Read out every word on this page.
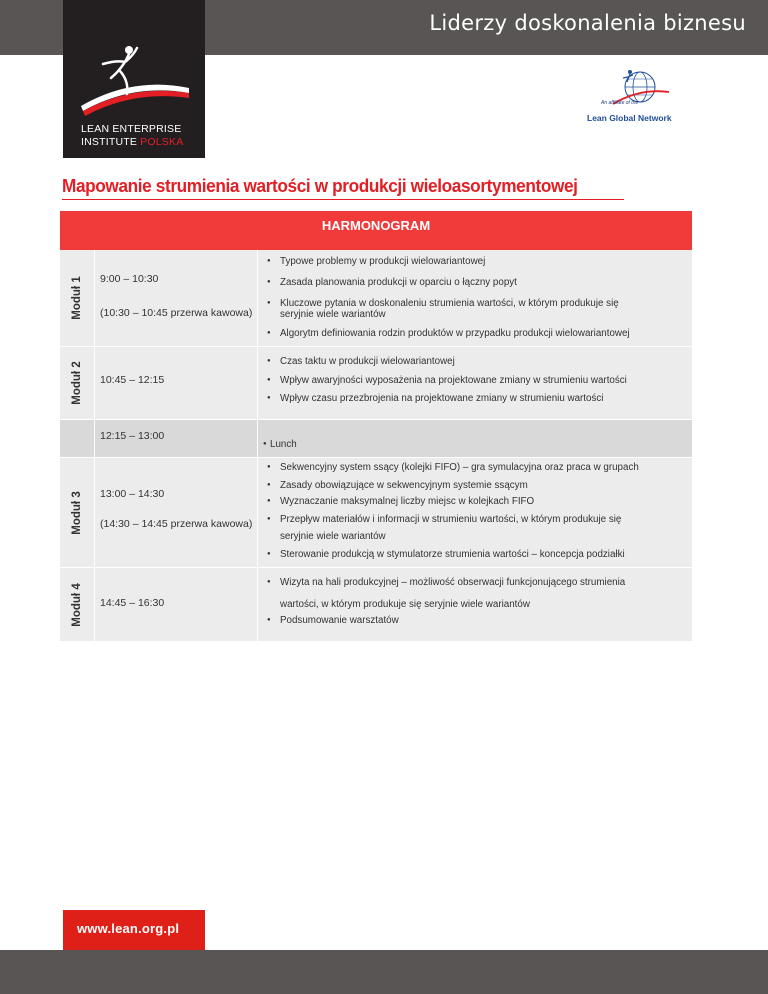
Liderzy doskonalenia biznesu
LEAN ENTERPRISE
INSTITUTE POLSKA
An affiliate of the
Lean Global Network
Mapowanie strumienia wartości w produkcji wieloasortymentowej
HARMONOGRAM
Moduł 1 9:00 – 10:30
(10:30 – 10:45 przerwa kawowa)
Typowe problemy w produkcji wielowariantowej
Zasada planowania produkcji w oparciu o łączny popyt
Kluczowe pytania w doskonaleniu strumienia wartości, w którym produkuje się
seryjnie wiele wariantów
Algorytm definiowania rodzin produktów w przypadku produkcji wielowariantowej
Moduł 2 10:45 – 12:15
Czas taktu w produkcji wielowariantowej
Wpływ awaryjności wyposażenia na projektowane zmiany w strumieniu wartości
Wpływ czasu przezbrojenia na projektowane zmiany w strumieniu wartości
12:15 – 13:00
Lunch
Moduł 3 13:00 – 14:30
(14:30 – 14:45 przerwa kawowa)
Sekwencyjny system ssący (kolejki FIFO) – gra symulacyjna oraz praca w grupach
Zasady obowiązujące w sekwencyjnym systemie ssącym
Wyznaczanie maksymalnej liczby miejsc w kolejkach FIFO
Przepływ materiałów i informacji w strumieniu wartości, w którym produkuje się
seryjnie wiele wariantów
Sterowanie produkcją w stymulatorze strumienia wartości – koncepcja podziałki
Moduł 4 14:45 – 16:30
Wizyta na hali produkcyjnej – możliwość obserwacji funkcjonującego strumienia
wartości, w którym produkuje się seryjnie wiele wariantów
Podsumowanie warsztatów
www.lean.org.pl
